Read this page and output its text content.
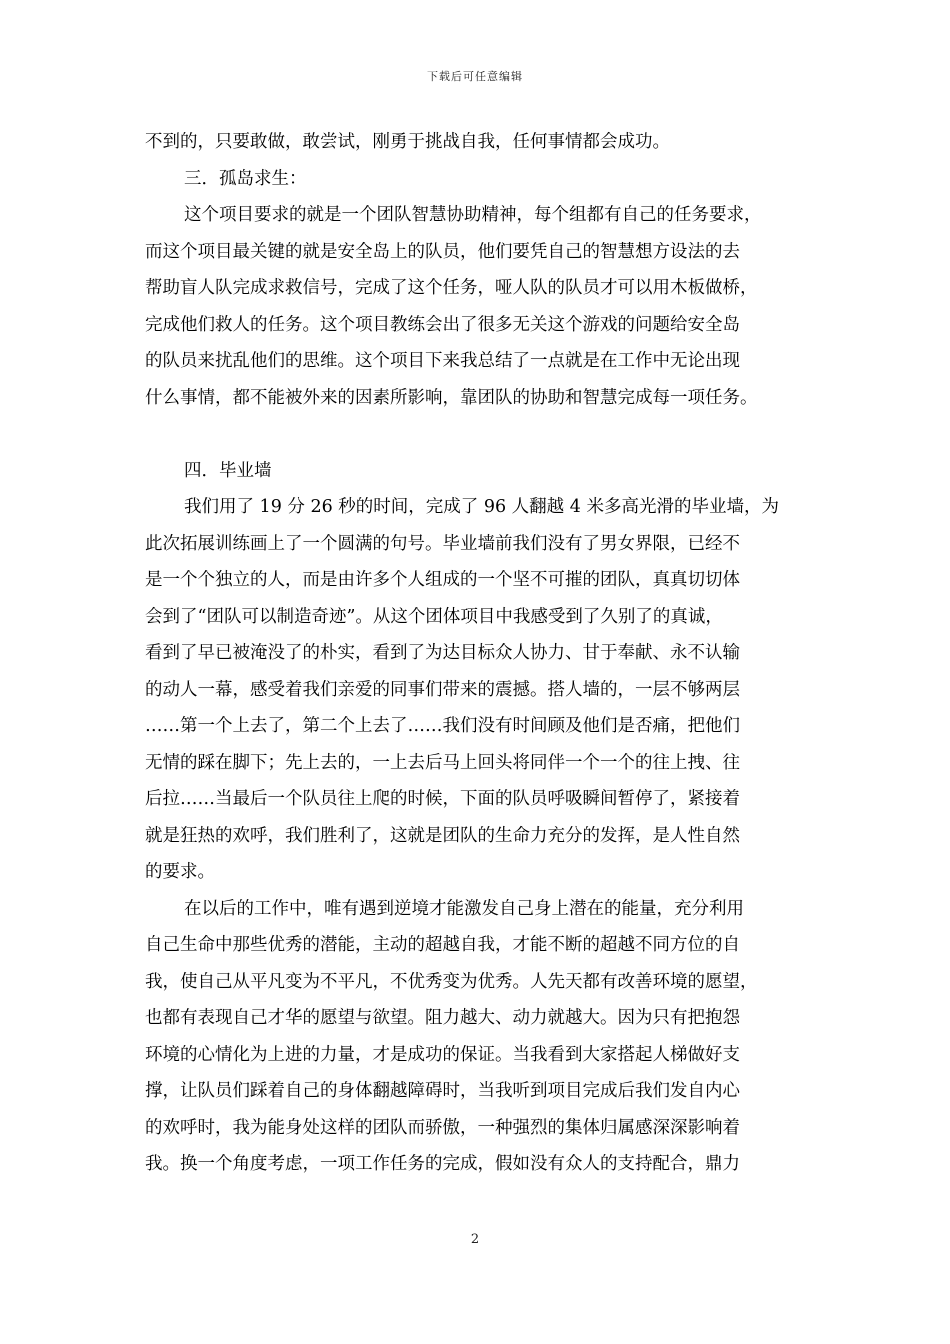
下载后可任意编辑
不到的，只要敢做，敢尝试，刚勇于挑战自我，任何事情都会成功。
三．孤岛求生：
这个项目要求的就是一个团队智慧协助精神，每个组都有自己的任务要求，
而这个项目最关键的就是安全岛上的队员，他们要凭自己的智慧想方设法的去
帮助盲人队完成求救信号，完成了这个任务，哑人队的队员才可以用木板做桥，
完成他们救人的任务。这个项目教练会出了很多无关这个游戏的问题给安全岛
的队员来扰乱他们的思维。这个项目下来我总结了一点就是在工作中无论出现
什么事情，都不能被外来的因素所影响，靠团队的协助和智慧完成每一项任务。
四．毕业墙
我们用了 19 分 26 秒的时间，完成了 96 人翻越 4 米多高光滑的毕业墙，为
此次拓展训练画上了一个圆满的句号。毕业墙前我们没有了男女界限，已经不
是一个个独立的人，而是由许多个人组成的一个坚不可摧的团队，真真切切体
会到了“团队可以制造奇迹”。从这个团体项目中我感受到了久别了的真诚，
看到了早已被淹没了的朴实，看到了为达目标众人协力、甘于奉献、永不认输
的动人一幕，感受着我们亲爱的同事们带来的震撼。搭人墙的，一层不够两层
……第一个上去了，第二个上去了……我们没有时间顾及他们是否痛，把他们
无情的踩在脚下；先上去的，一上去后马上回头将同伴一个一个的往上拽、往
后拉……当最后一个队员往上爬的时候，下面的队员呼吸瞬间暂停了，紧接着
就是狂热的欢呼，我们胜利了，这就是团队的生命力充分的发挥，是人性自然
的要求。
在以后的工作中，唯有遇到逆境才能激发自己身上潜在的能量，充分利用
自己生命中那些优秀的潜能，主动的超越自我，才能不断的超越不同方位的自
我，使自己从平凡变为不平凡，不优秀变为优秀。人先天都有改善环境的愿望，
也都有表现自己才华的愿望与欲望。阻力越大、动力就越大。因为只有把抱怨
环境的心情化为上进的力量，才是成功的保证。当我看到大家搭起人梯做好支
撑，让队员们踩着自己的身体翻越障碍时，当我听到项目完成后我们发自内心
的欢呼时，我为能身处这样的团队而骄傲，一种强烈的集体归属感深深影响着
我。换一个角度考虑，一项工作任务的完成，假如没有众人的支持配合，鼎力
2
